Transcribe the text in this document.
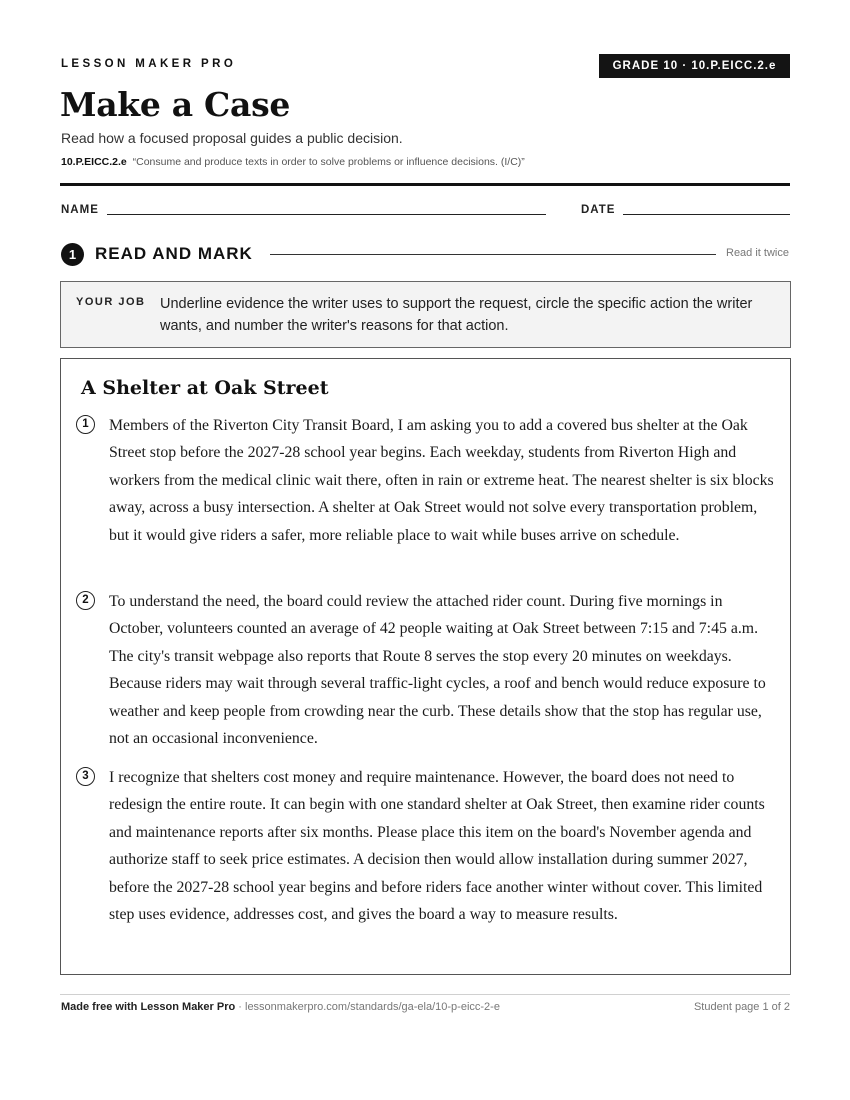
LESSON MAKER PRO	GRADE 10 · 10.P.EICC.2.e
Make a Case
Read how a focused proposal guides a public decision.
10.P.EICC.2.e “Consume and produce texts in order to solve problems or influence decisions. (I/C)”
NAME	DATE
1	READ AND MARK	Read it twice
YOUR JOB Underline evidence the writer uses to support the request, circle the specific action the writer wants, and number the writer's reasons for that action.
A Shelter at Oak Street
1	Members of the Riverton City Transit Board, I am asking you to add a covered bus shelter at the Oak Street stop before the 2027-28 school year begins. Each weekday, students from Riverton High and workers from the medical clinic wait there, often in rain or extreme heat. The nearest shelter is six blocks away, across a busy intersection. A shelter at Oak Street would not solve every transportation problem, but it would give riders a safer, more reliable place to wait while buses arrive on schedule.

2	To understand the need, the board could review the attached rider count. During five mornings in October, volunteers counted an average of 42 people waiting at Oak Street between 7:15 and 7:45 a.m. The city's transit webpage also reports that Route 8 serves the stop every 20 minutes on weekdays. Because riders may wait through several traffic-light cycles, a roof and bench would reduce exposure to weather and keep people from crowding near the curb. These details show that the stop has regular use, not an occasional inconvenience.

3	I recognize that shelters cost money and require maintenance. However, the board does not need to redesign the entire route. It can begin with one standard shelter at Oak Street, then examine rider counts and maintenance reports after six months. Please place this item on the board's November agenda and authorize staff to seek price estimates. A decision then would allow installation during summer 2027, before the 2027-28 school year begins and before riders face another winter without cover. This limited step uses evidence, addresses cost, and gives the board a way to measure results.

Made free with Lesson Maker Pro · lessonmakerpro.com/standards/ga-ela/10-p-eicc-2-e	Student page 1 of 2
